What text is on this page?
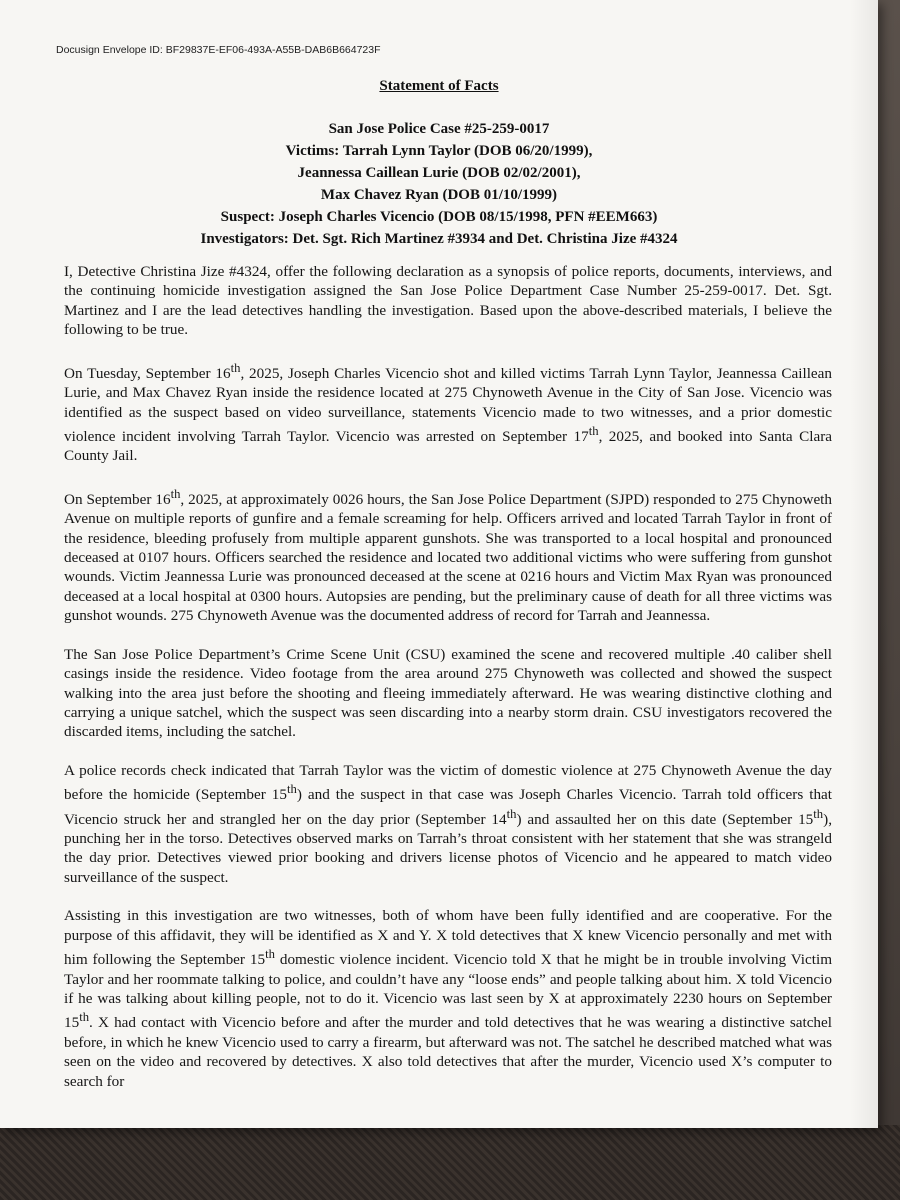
Docusign Envelope ID: BF29837E-EF06-493A-A55B-DAB6B664723F
Statement of Facts
San Jose Police Case #25-259-0017
Victims: Tarrah Lynn Taylor (DOB 06/20/1999),
Jeannessa Caillean Lurie (DOB 02/02/2001),
Max Chavez Ryan (DOB 01/10/1999)
Suspect: Joseph Charles Vicencio (DOB 08/15/1998, PFN #EEM663)
Investigators: Det. Sgt. Rich Martinez #3934 and Det. Christina Jize #4324

I, Detective Christina Jize #4324, offer the following declaration as a synopsis of police reports, documents, interviews, and the continuing homicide investigation assigned the San Jose Police Department Case Number 25-259-0017. Det. Sgt. Martinez and I are the lead detectives handling the investigation. Based upon the above-described materials, I believe the following to be true.

On Tuesday, September 16th, 2025, Joseph Charles Vicencio shot and killed victims Tarrah Lynn Taylor, Jeannessa Caillean Lurie, and Max Chavez Ryan inside the residence located at 275 Chynoweth Avenue in the City of San Jose. Vicencio was identified as the suspect based on video surveillance, statements Vicencio made to two witnesses, and a prior domestic violence incident involving Tarrah Taylor. Vicencio was arrested on September 17th, 2025, and booked into Santa Clara County Jail.

On September 16th, 2025, at approximately 0026 hours, the San Jose Police Department (SJPD) responded to 275 Chynoweth Avenue on multiple reports of gunfire and a female screaming for help. Officers arrived and located Tarrah Taylor in front of the residence, bleeding profusely from multiple apparent gunshots. She was transported to a local hospital and pronounced deceased at 0107 hours. Officers searched the residence and located two additional victims who were suffering from gunshot wounds. Victim Jeannessa Lurie was pronounced deceased at the scene at 0216 hours and Victim Max Ryan was pronounced deceased at a local hospital at 0300 hours. Autopsies are pending, but the preliminary cause of death for all three victims was gunshot wounds. 275 Chynoweth Avenue was the documented address of record for Tarrah and Jeannessa.

The San Jose Police Department’s Crime Scene Unit (CSU) examined the scene and recovered multiple .40 caliber shell casings inside the residence. Video footage from the area around 275 Chynoweth was collected and showed the suspect walking into the area just before the shooting and fleeing immediately afterward. He was wearing distinctive clothing and carrying a unique satchel, which the suspect was seen discarding into a nearby storm drain. CSU investigators recovered the discarded items, including the satchel.

A police records check indicated that Tarrah Taylor was the victim of domestic violence at 275 Chynoweth Avenue the day before the homicide (September 15th) and the suspect in that case was Joseph Charles Vicencio. Tarrah told officers that Vicencio struck her and strangled her on the day prior (September 14th) and assaulted her on this date (September 15th), punching her in the torso. Detectives observed marks on Tarrah’s throat consistent with her statement that she was strangeld the day prior. Detectives viewed prior booking and drivers license photos of Vicencio and he appeared to match video surveillance of the suspect.

Assisting in this investigation are two witnesses, both of whom have been fully identified and are cooperative. For the purpose of this affidavit, they will be identified as X and Y. X told detectives that X knew Vicencio personally and met with him following the September 15th domestic violence incident. Vicencio told X that he might be in trouble involving Victim Taylor and her roommate talking to police, and couldn’t have any “loose ends” and people talking about him. X told Vicencio if he was talking about killing people, not to do it. Vicencio was last seen by X at approximately 2230 hours on September 15th. X had contact with Vicencio before and after the murder and told detectives that he was wearing a distinctive satchel before, in which he knew Vicencio used to carry a firearm, but afterward was not. The satchel he described matched what was seen on the video and recovered by detectives. X also told detectives that after the murder, Vicencio used X’s computer to search for
